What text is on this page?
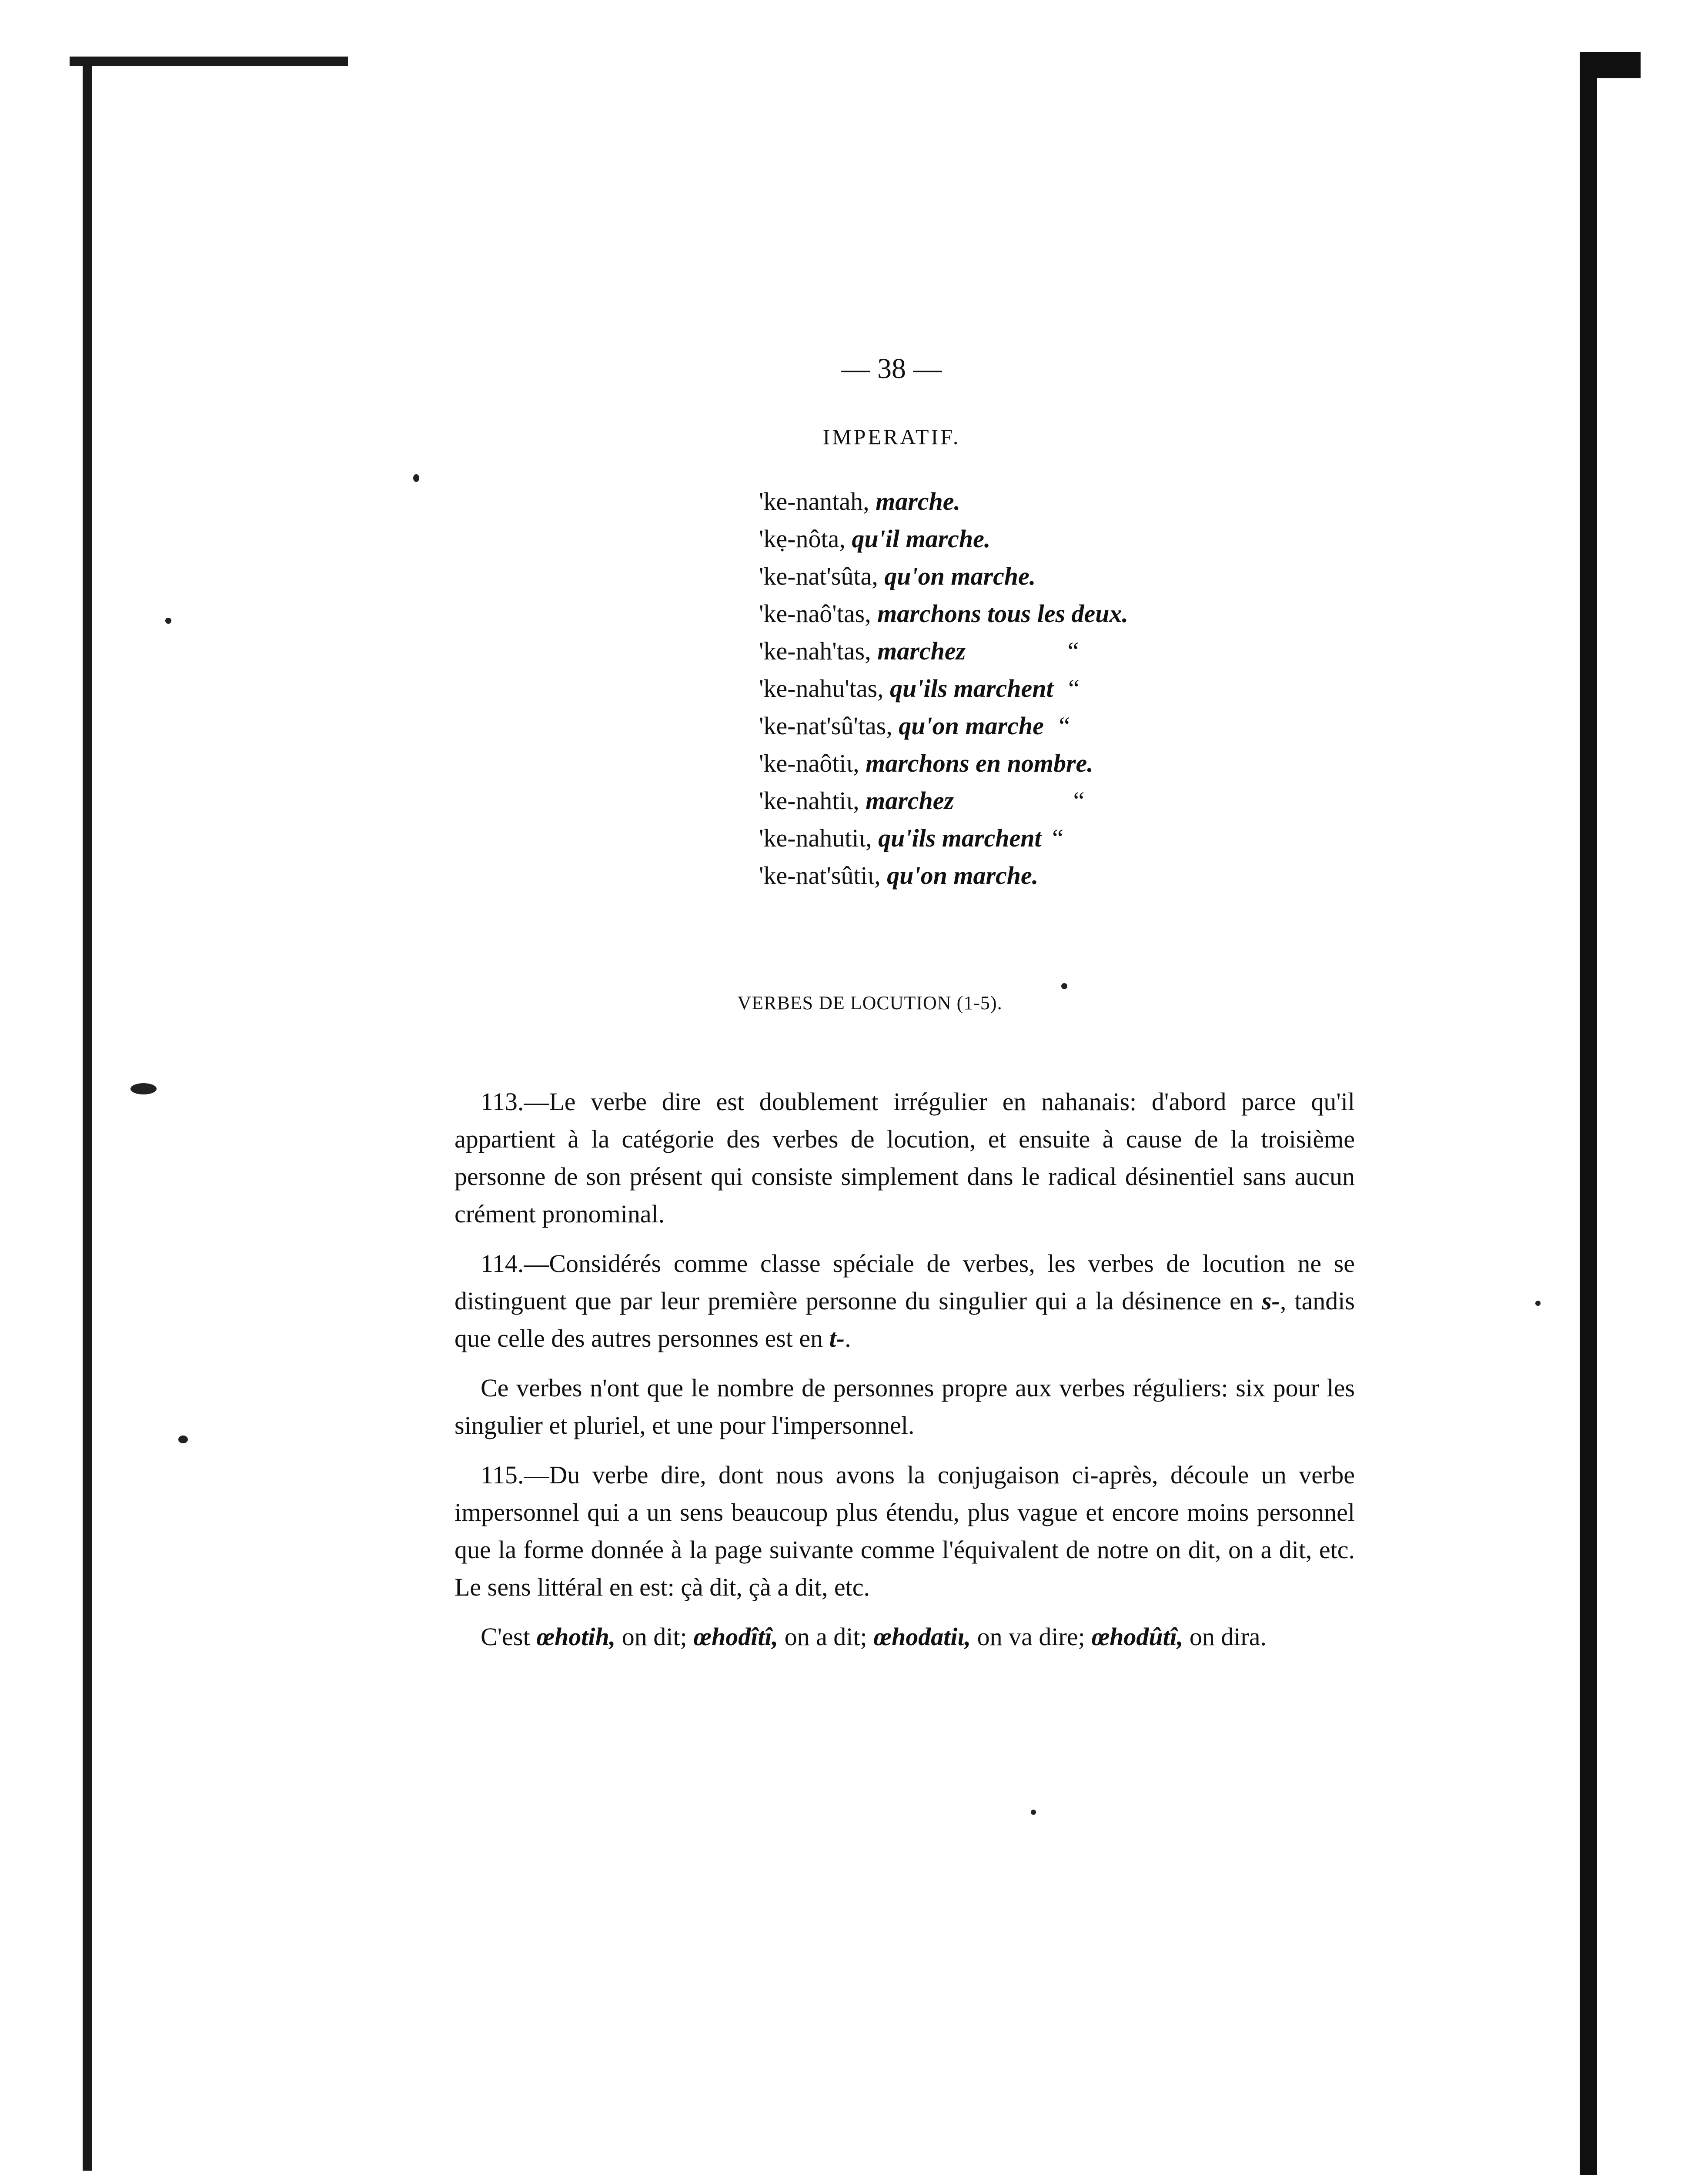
— 38 —
IMPERATIF.
'ke-nantah, marche.
'kẹ-nôta, qu'il marche.
'ke-nat'sûta, qu'on marche.
'ke-naô'tas, marchons tous les deux.
'ke-nah'tas, marchez	“
'ke-nahu'tas, qu'ils marchent “
'ke-nat'sû'tas, qu'on marche “
'ke-naôtiɩ, marchons en nombre.
'ke-nahtiɩ, marchez	“
'ke-nahutiɩ, qu'ils marchent “
'ke-nat'sûtiɩ, qu'on marche.
VERBES DE LOCUTION (1-5).

113.—Le verbe dire est doublement irrégulier en nahanais: d'abord parce qu'il appartient à la catégorie des verbes de locution, et ensuite à cause de la troisième personne de son présent qui consiste simplement dans le radical désinentiel sans aucun crément pronominal.

114.—Considérés comme classe spéciale de verbes, les verbes de locution ne se distinguent que par leur première personne du singulier qui a la désinence en s-, tandis que celle des autres personnes est en t-.

Ce verbes n'ont que le nombre de personnes propre aux verbes réguliers: six pour les singulier et pluriel, et une pour l'impersonnel.

115.—Du verbe dire, dont nous avons la conjugaison ci-après, découle un verbe impersonnel qui a un sens beaucoup plus étendu, plus vague et encore moins personnel que la forme donnée à la page suivante comme l'équivalent de notre on dit, on a dit, etc. Le sens littéral en est: çà dit, çà a dit, etc.

C'est œhotih, on dit; œhodîtî, on a dit; œhodatiɩ, on va dire; œhodûtî, on dira.
